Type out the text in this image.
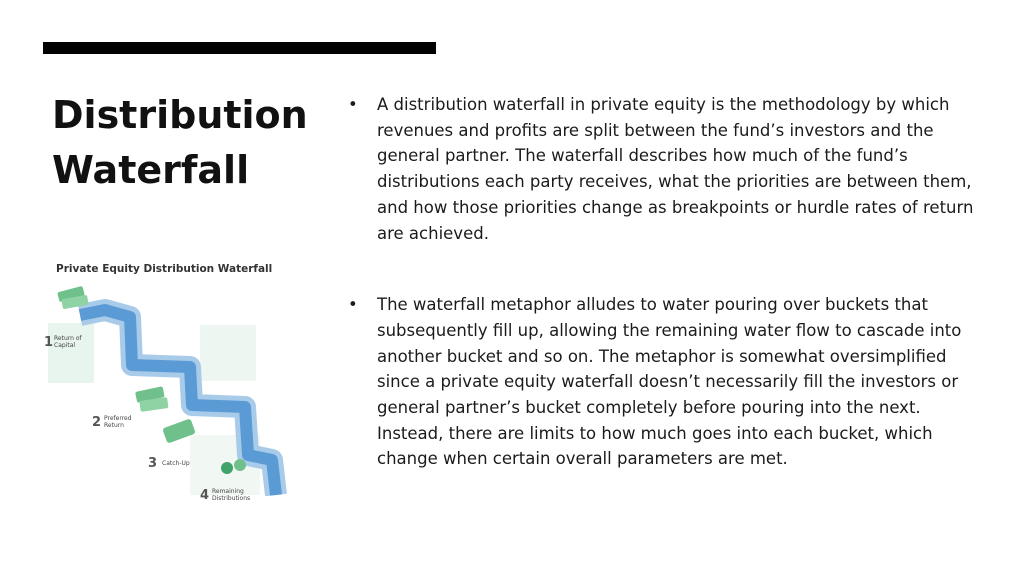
Distribution
Waterfall
• A distribution waterfall in private equity is the methodology by which revenues and profits are split between the fund’s investors and the general partner. The waterfall describes how much of the fund’s distributions each party receives, what the priorities are between them, and how those priorities change as breakpoints or hurdle rates of return are achieved.
• The waterfall metaphor alludes to water pouring over buckets that subsequently fill up, allowing the remaining water flow to cascade into another bucket and so on. The metaphor is somewhat oversimplified since a private equity waterfall doesn’t necessarily fill the investors or general partner’s bucket completely before pouring into the next. Instead, there are limits to how much goes into each bucket, which change when certain overall parameters are met.
Private Equity Distribution Waterfall
1 Return of Capital
2 Preferred Return
3 Catch-Up
4 Remaining Distributions
